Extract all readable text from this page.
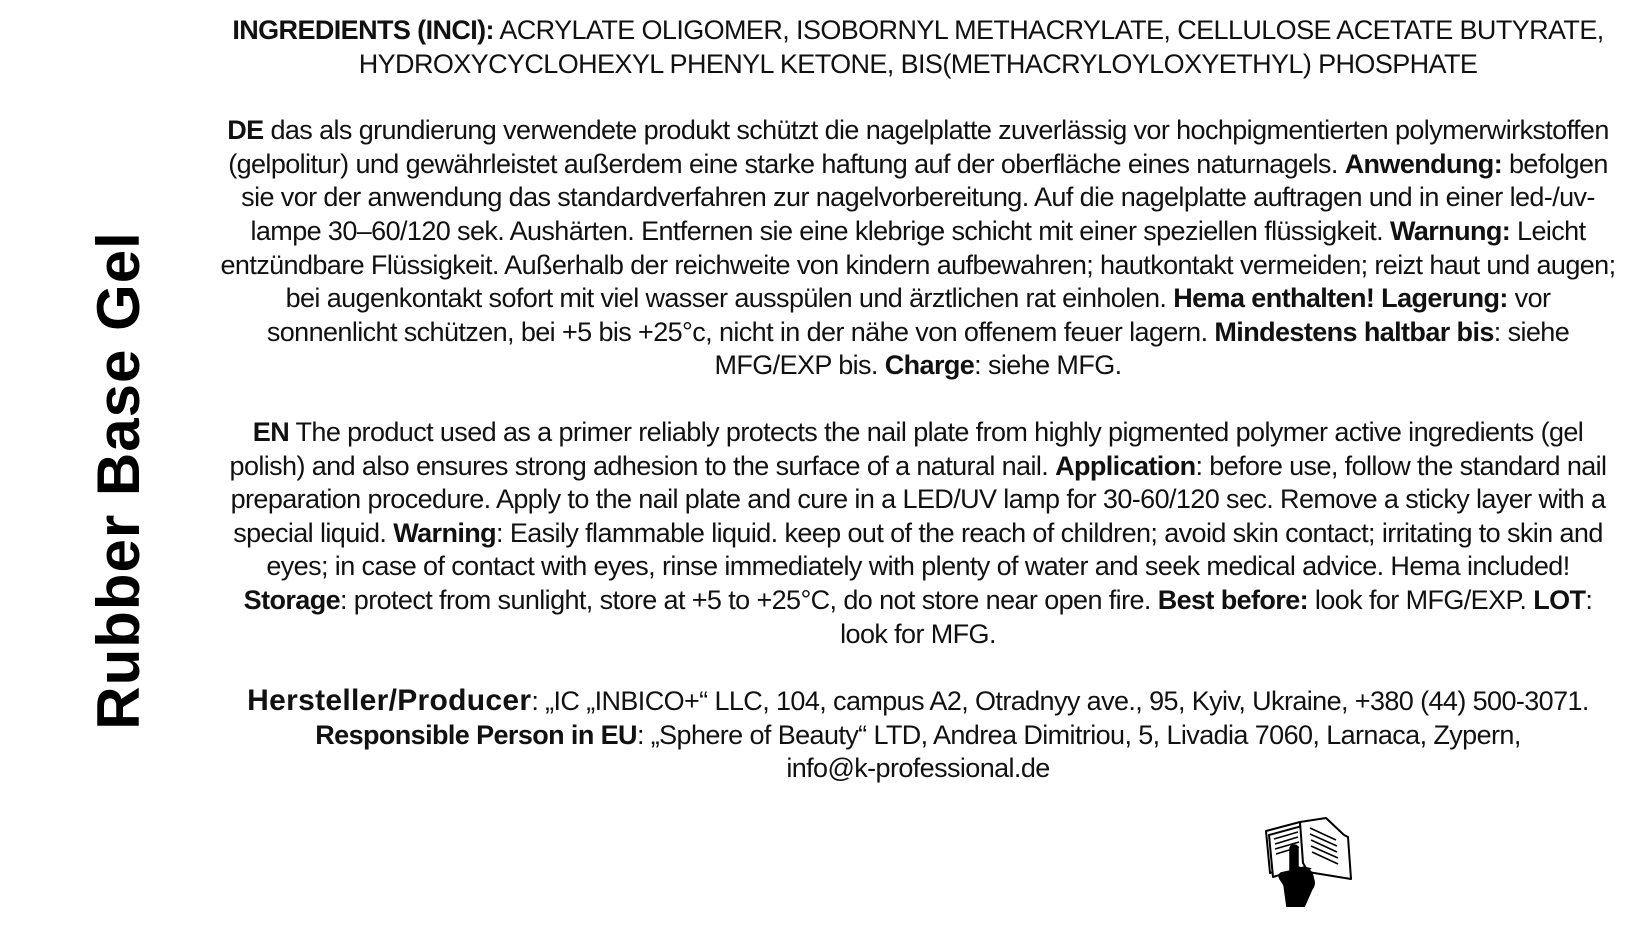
Rubber Base Gel

INGREDIENTS (INCI): ACRYLATE OLIGOMER, ISOBORNYL METHACRYLATE, CELLULOSE ACETATE BUTYRATE, HYDROXYCYCLOHEXYL PHENYL KETONE, BIS(METHACRYLOYLOXYETHYL) PHOSPHATE

DE das als grundierung verwendete produkt schützt die nagelplatte zuverlässig vor hochpigmentierten polymerwirkstoffen (gelpolitur) und gewährleistet außerdem eine starke haftung auf der oberfläche eines naturnagels. Anwendung: befolgen sie vor der anwendung das standardverfahren zur nagelvorbereitung. Auf die nagelplatte auftragen und in einer led-/uv-lampe 30–60/120 sek. Aushärten. Entfernen sie eine klebrige schicht mit einer speziellen flüssigkeit. Warnung: Leicht entzündbare Flüssigkeit. Außerhalb der reichweite von kindern aufbewahren; hautkontakt vermeiden; reizt haut und augen; bei augenkontakt sofort mit viel wasser ausspülen und ärztlichen rat einholen. Hema enthalten! Lagerung: vor sonnenlicht schützen, bei +5 bis +25°c, nicht in der nähe von offenem feuer lagern. Mindestens haltbar bis: siehe MFG/EXP bis. Charge: siehe MFG.

EN The product used as a primer reliably protects the nail plate from highly pigmented polymer active ingredients (gel polish) and also ensures strong adhesion to the surface of a natural nail. Application: before use, follow the standard nail preparation procedure. Apply to the nail plate and cure in a LED/UV lamp for 30-60/120 sec. Remove a sticky layer with a special liquid. Warning: Easily flammable liquid. keep out of the reach of children; avoid skin contact; irritating to skin and eyes; in case of contact with eyes, rinse immediately with plenty of water and seek medical advice. Hema included! Storage: protect from sunlight, store at +5 to +25°C, do not store near open fire. Best before: look for MFG/EXP. LOT: look for MFG.

Hersteller/Producer: „IC „INBICO+“ LLC, 104, campus A2, Otradnyy ave., 95, Kyiv, Ukraine, +380 (44) 500-3071.

Responsible Person in EU: „Sphere of Beauty“ LTD, Andrea Dimitriou, 5, Livadia 7060, Larnaca, Zypern,
info@k-professional.de
